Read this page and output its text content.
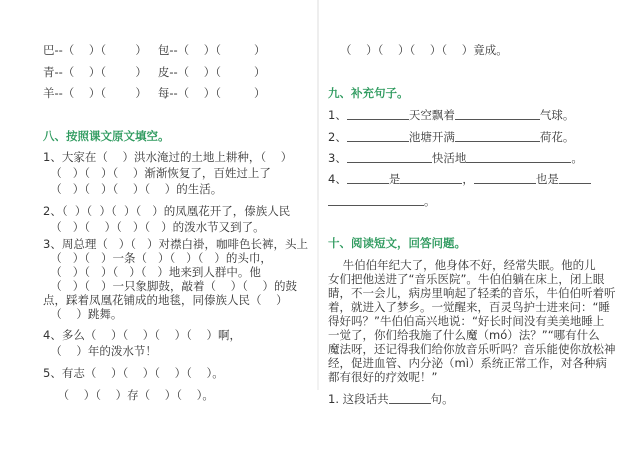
巴--（    ）（        ）   包--（    ）（         ）
青--（    ）（        ）   皮--（    ）（         ）
羊--（    ）（        ）   每--（    ）（         ）
八、按照课文原文填空。
1、大家在（    ）洪水淹过的土地上耕种，（    ）
（   ）（   ）（    ）渐渐恢复了，百姓过上了
（   ）（   ）（    ）（    ）的生活。
2、（  ）（  ）（  ）（   ）的凤凰花开了，傣族人民
（   ）（    ）（   ）（   ）的泼水节又到了。
3、周总理（   ）（   ）对襟白褂，咖啡色长裤，头上
（   ）（   ）一条（   ）（   ）（   ）的头巾，
（   ）（   ）（   ）（   ）地来到人群中。他
（   ）（   ）一只象脚鼓，敲着（    ）（    ）的鼓
点，踩着凤凰花铺成的地毯，同傣族人民（    ）
（    ）跳舞。
4、多么（    ）（    ）（    ）（    ）啊，
（    ）年的泼水节！
5、有志（    ）（    ）（    ）（    ）。
（    ）（    ）存（    ）（    ）。
（    ）（    ）（    ）（    ）竟成。
九、补充句子。
1、	天空飘着	气球。
2、	池塘开满	荷花。
3、	快活地	。
4、	是	，	也是
。
十、阅读短文，回答问题。
牛伯伯年纪大了，他身体不好，经常失眠。他的儿
女们把他送进了“音乐医院”。牛伯伯躺在床上，闭上眼
睛，不一会儿，病房里响起了轻柔的音乐，牛伯伯听着听
着，就进入了梦乡。一觉醒来，百灵鸟护士进来问：“睡
得好吗？”牛伯伯高兴地说：“好长时间没有美美地睡上
一觉了，你们给我施了什么魔（mó）法？”“哪有什么
魔法呀，还记得我们给你放音乐听吗？音乐能使你放松神
经，促进血管、内分泌（mì）系统正常工作，对各种病
都有很好的疗效呢！”
1. 这段话共	句。
